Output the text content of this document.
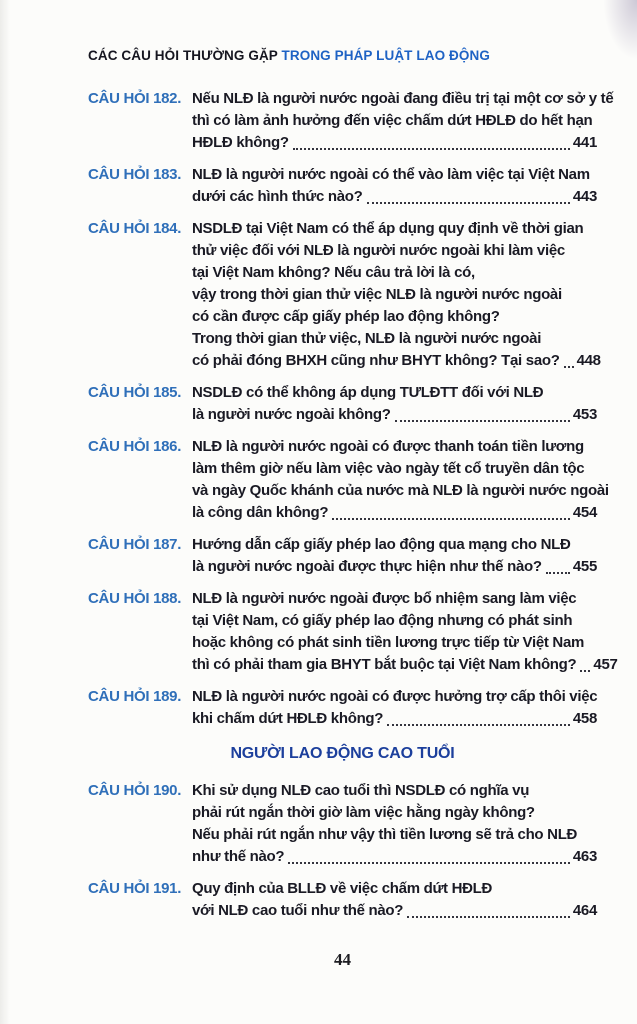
CÁC CÂU HỎI THƯỜNG GẶP TRONG PHÁP LUẬT LAO ĐỘNG
CÂU HỎI 182. Nếu NLĐ là người nước ngoài đang điều trị tại một cơ sở y tế
thì có làm ảnh hưởng đến việc chấm dứt HĐLĐ do hết hạn
HĐLĐ không?	441
CÂU HỎI 183. NLĐ là người nước ngoài có thể vào làm việc tại Việt Nam
dưới các hình thức nào?	443
CÂU HỎI 184. NSDLĐ tại Việt Nam có thể áp dụng quy định về thời gian
thử việc đối với NLĐ là người nước ngoài khi làm việc
tại Việt Nam không? Nếu câu trả lời là có,
vậy trong thời gian thử việc NLĐ là người nước ngoài
có cần được cấp giấy phép lao động không?
Trong thời gian thử việc, NLĐ là người nước ngoài
có phải đóng BHXH cũng như BHYT không? Tại sao? 448
CÂU HỎI 185. NSDLĐ có thể không áp dụng TƯLĐTT đối với NLĐ
là người nước ngoài không?	453
CÂU HỎI 186. NLĐ là người nước ngoài có được thanh toán tiền lương
làm thêm giờ nếu làm việc vào ngày tết cổ truyền dân tộc
và ngày Quốc khánh của nước mà NLĐ là người nước ngoài
là công dân không?	454
CÂU HỎI 187. Hướng dẫn cấp giấy phép lao động qua mạng cho NLĐ
là người nước ngoài được thực hiện như thế nào? 455
CÂU HỎI 188. NLĐ là người nước ngoài được bổ nhiệm sang làm việc
tại Việt Nam, có giấy phép lao động nhưng có phát sinh
hoặc không có phát sinh tiền lương trực tiếp từ Việt Nam
thì có phải tham gia BHYT bắt buộc tại Việt Nam không? 457
CÂU HỎI 189. NLĐ là người nước ngoài có được hưởng trợ cấp thôi việc
khi chấm dứt HĐLĐ không?	458
NGƯỜI LAO ĐỘNG CAO TUỔI
CÂU HỎI 190. Khi sử dụng NLĐ cao tuổi thì NSDLĐ có nghĩa vụ
phải rút ngắn thời giờ làm việc hằng ngày không?
Nếu phải rút ngắn như vậy thì tiền lương sẽ trả cho NLĐ
như thế nào?	463
CÂU HỎI 191. Quy định của BLLĐ về việc chấm dứt HĐLĐ
với NLĐ cao tuổi như thế nào?	464
44
